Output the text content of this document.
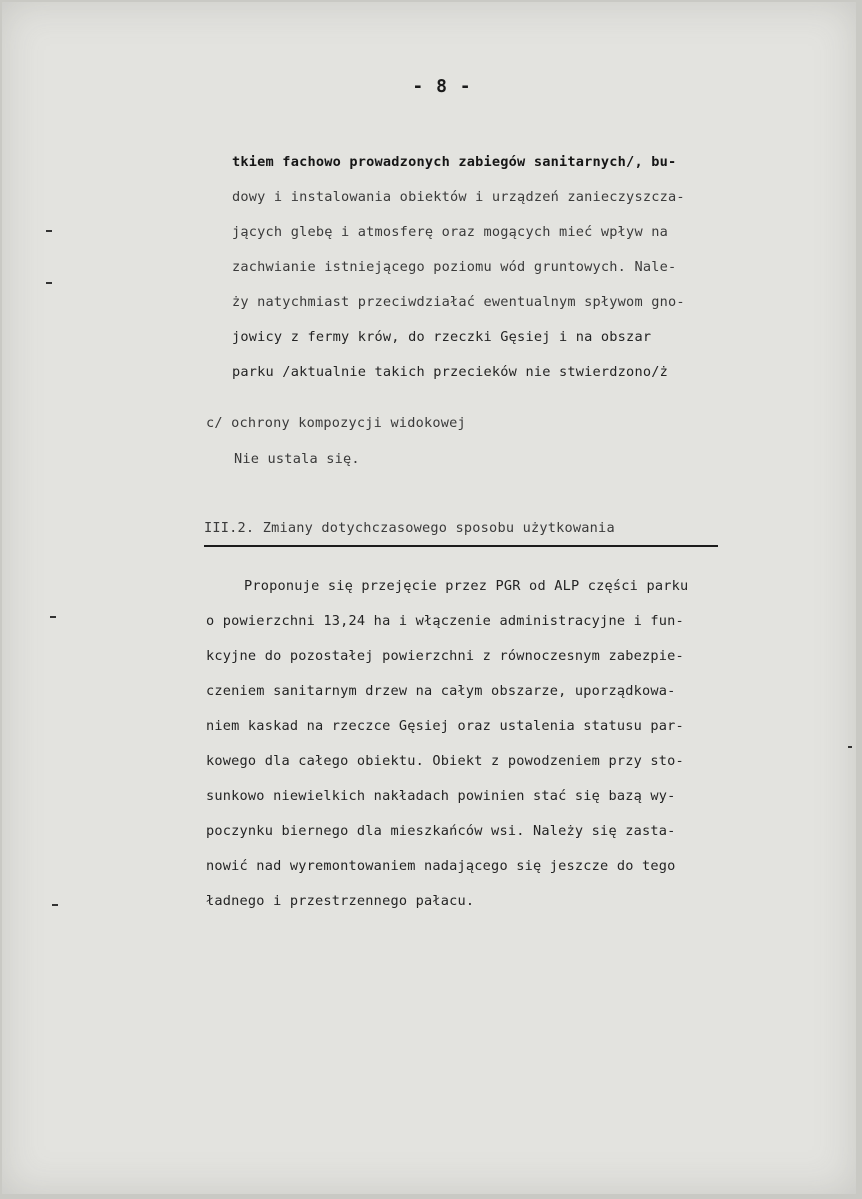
- 8 -
tkiem fachowo prowadzonych zabiegów sanitarnych/, bu-
dowy i instalowania obiektów i urządzeń zanieczyszcza-
jących glebę i atmosferę oraz mogących mieć wpływ na
zachwianie istniejącego poziomu wód gruntowych. Nale-
ży natychmiast przeciwdziałać ewentualnym spływom gno-
jowicy z fermy krów, do rzeczki Gęsiej i na obszar
parku /aktualnie takich przecieków nie stwierdzono/ż
c/ ochrony kompozycji widokowej
Nie ustala się.
III.2. Zmiany dotychczasowego sposobu użytkowania
Proponuje się przejęcie przez PGR od ALP części parku
o powierzchni 13,24 ha i włączenie administracyjne i fun-
kcyjne do pozostałej powierzchni z równoczesnym zabezpie-
czeniem sanitarnym drzew na całym obszarze, uporządkowa-
niem kaskad na rzeczce Gęsiej oraz ustalenia statusu par-
kowego dla całego obiektu. Obiekt z powodzeniem przy sto-
sunkowo niewielkich nakładach powinien stać się bazą wy-
poczynku biernego dla mieszkańców wsi. Należy się zasta-
nowić nad wyremontowaniem nadającego się jeszcze do tego
ładnego i przestrzennego pałacu.
